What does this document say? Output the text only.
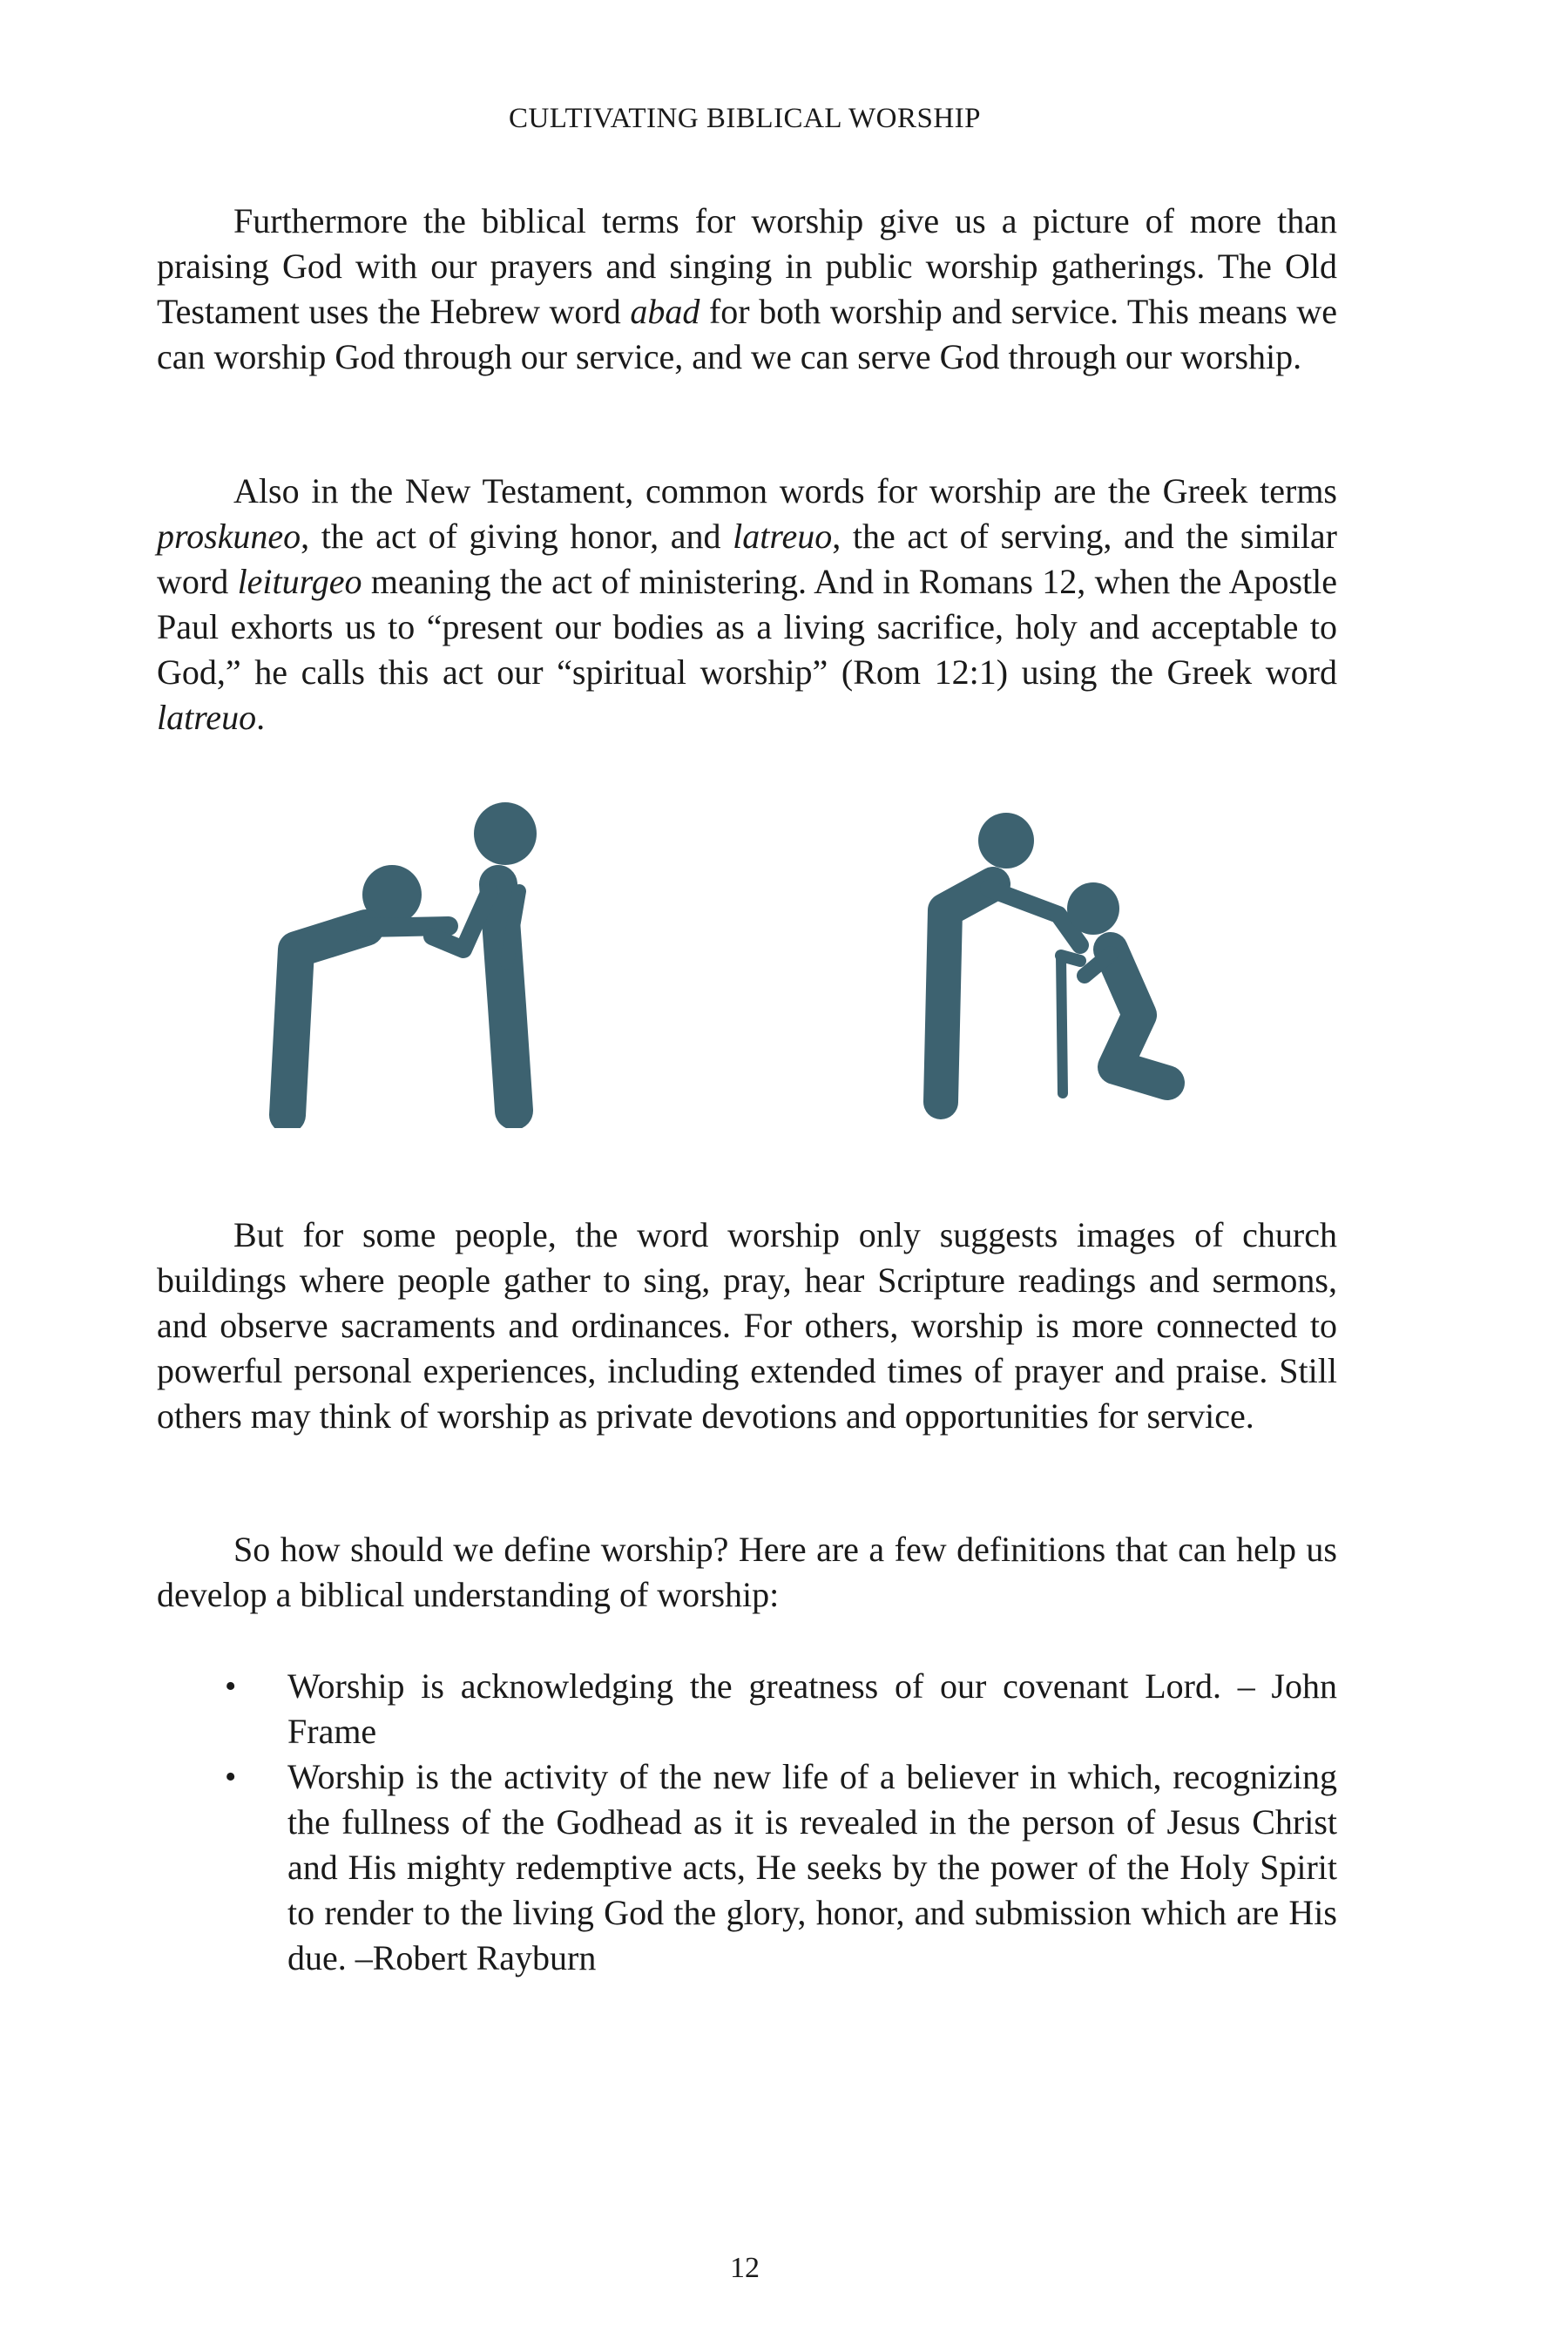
CULTIVATING BIBLICAL WORSHIP

Furthermore the biblical terms for worship give us a picture of more than praising God with our prayers and singing in public worship gatherings. The Old Testament uses the Hebrew word abad for both worship and service. This means we can worship God through our service, and we can serve God through our worship.

Also in the New Testament, common words for worship are the Greek terms proskuneo, the act of giving honor, and latreuo, the act of serving, and the similar word leiturgeo meaning the act of ministering. And in Romans 12, when the Apostle Paul exhorts us to “present our bodies as a living sacrifice, holy and acceptable to God,” he calls this act our “spiritual worship” (Rom 12:1) using the Greek word latreuo.

But for some people, the word worship only suggests images of church buildings where people gather to sing, pray, hear Scripture readings and sermons, and observe sacraments and ordinances. For others, worship is more connected to powerful personal experiences, including extended times of prayer and praise. Still others may think of worship as private devotions and opportunities for service.

So how should we define worship? Here are a few definitions that can help us develop a biblical understanding of worship:

• Worship is acknowledging the greatness of our covenant Lord. – John Frame
• Worship is the activity of the new life of a believer in which, recognizing the fullness of the Godhead as it is revealed in the person of Jesus Christ and His mighty redemptive acts, He seeks by the power of the Holy Spirit to render to the living God the glory, honor, and submission which are His due. –Robert Rayburn
12
